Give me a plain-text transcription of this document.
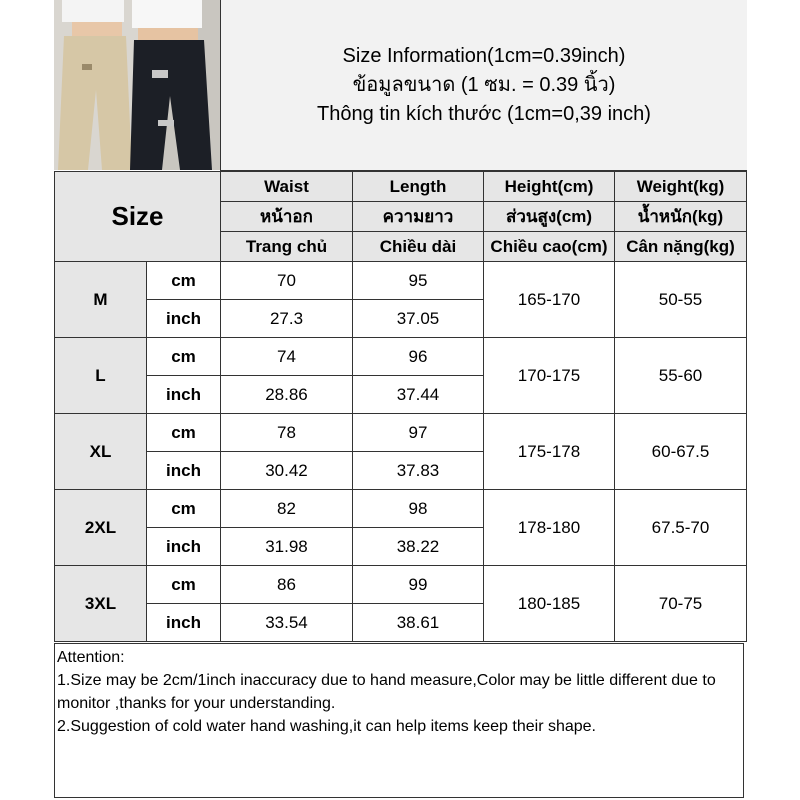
Size Information(1cm=0.39inch)
ข้อมูลขนาด (1 ซม. = 0.39 นิ้ว)
Thông tin kích thước (1cm=0,39 inch)
Size		Waist	Length	Height(cm)	Weight(kg)
		หน้าอก	ความยาว	ส่วนสูง(cm)	น้ำหนัก(kg)
		Trang chủ	Chiều dài	Chiều cao(cm)	Cân nặng(kg)
M	cm	70	95	165-170	50-55
	inch	27.3	37.05		
L	cm	74	96	170-175	55-60
	inch	28.86	37.44		
XL	cm	78	97	175-178	60-67.5
	inch	30.42	37.83		
2XL	cm	82	98	178-180	67.5-70
	inch	31.98	38.22		
3XL	cm	86	99	180-185	70-75
	inch	33.54	38.61		
Attention:
1.Size may be 2cm/1inch inaccuracy due to hand measure,Color may be little different due to monitor ,thanks for your understanding.
2.Suggestion of cold water hand washing,it can help items keep their shape.
